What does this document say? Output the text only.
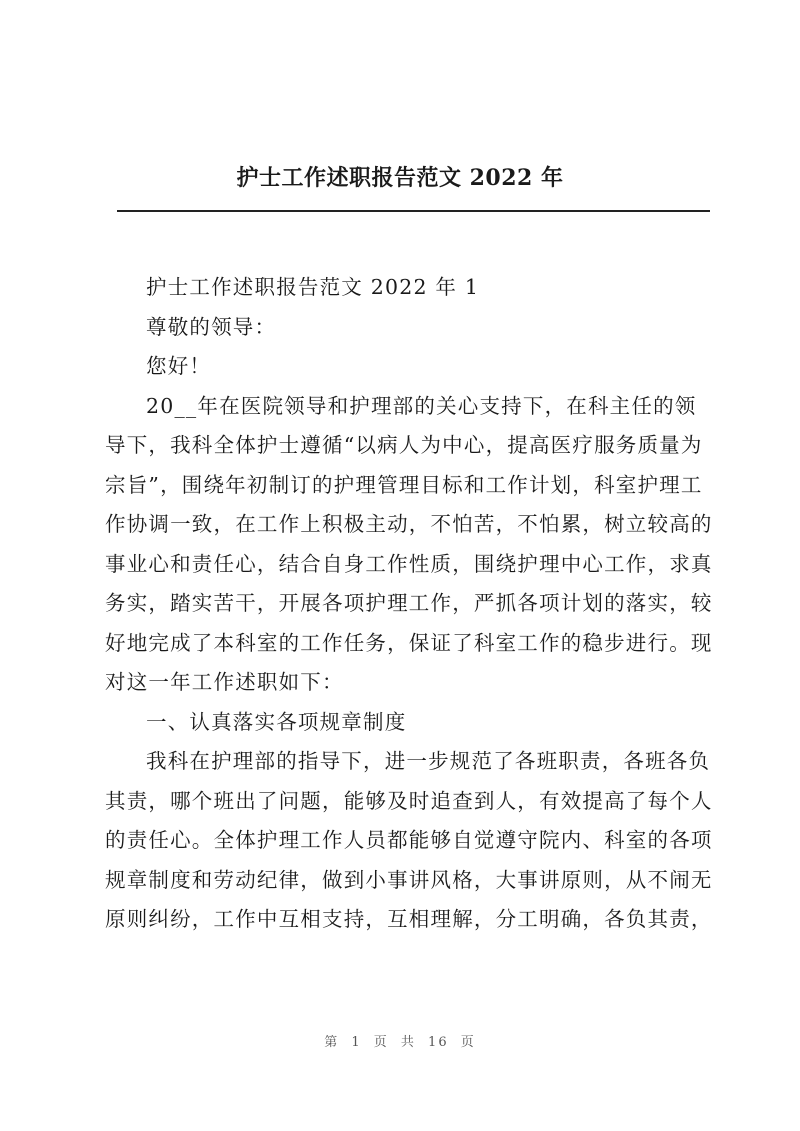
护士工作述职报告范文 2022 年

护士工作述职报告范文 2022 年 1

尊敬的领导：

您好！

20__年在医院领导和护理部的关心支持下，在科主任的领导下，我科全体护士遵循“以病人为中心，提高医疗服务质量为宗旨”，围绕年初制订的护理管理目标和工作计划，科室护理工作协调一致，在工作上积极主动，不怕苦，不怕累，树立较高的事业心和责任心，结合自身工作性质，围绕护理中心工作，求真务实，踏实苦干，开展各项护理工作，严抓各项计划的落实，较好地完成了本科室的工作任务，保证了科室工作的稳步进行。现对这一年工作述职如下：

一、认真落实各项规章制度

我科在护理部的指导下，进一步规范了各班职责，各班各负其责，哪个班出了问题，能够及时追查到人，有效提高了每个人的责任心。全体护理工作人员都能够自觉遵守院内、科室的各项规章制度和劳动纪律，做到小事讲风格，大事讲原则，从不闹无原则纠纷，工作中互相支持，互相理解，分工明确，各负其责，

第 1 页 共 16 页
